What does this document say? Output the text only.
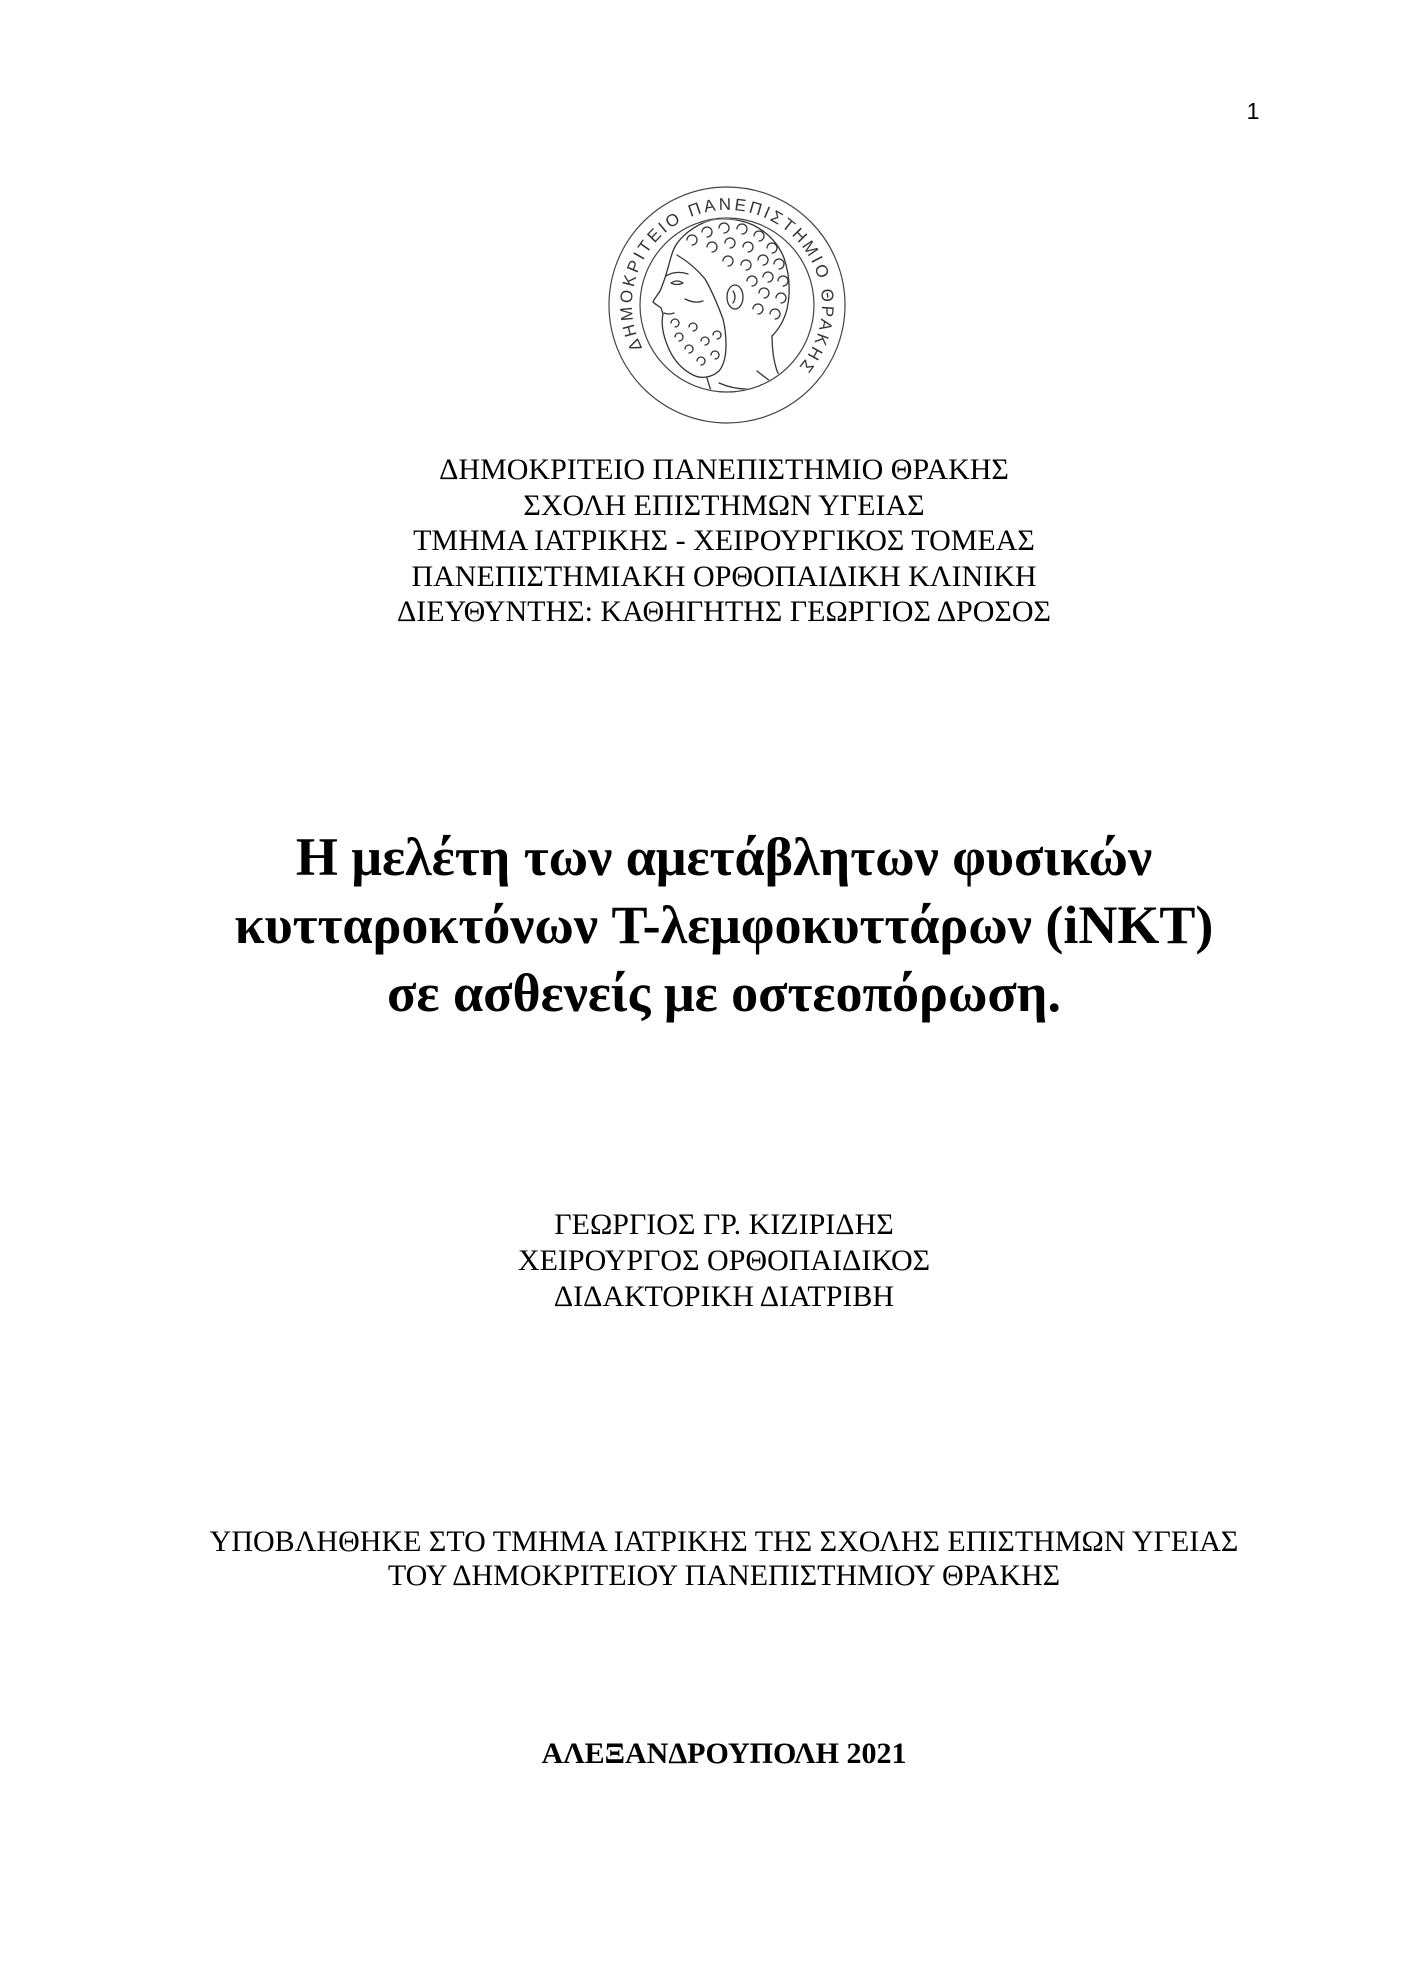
1
ΔΗΜΟΚΡΙΤΕΙΟ ΠΑΝΕΠΙΣΤΗΜΙΟ ΘΡΑΚΗΣ
ΔΗΜΟΚΡΙΤΕΙΟ ΠΑΝΕΠΙΣΤΗΜΙΟ ΘΡΑΚΗΣ
ΣΧΟΛΗ ΕΠΙΣΤΗΜΩΝ ΥΓΕΙΑΣ
ΤΜΗΜΑ ΙΑΤΡΙΚΗΣ - ΧΕΙΡΟΥΡΓΙΚΟΣ ΤΟΜΕΑΣ
ΠΑΝΕΠΙΣΤΗΜΙΑΚΗ ΟΡΘΟΠΑΙΔΙΚΗ ΚΛΙΝΙΚΗ
ΔΙΕΥΘΥΝΤΗΣ: ΚΑΘΗΓΗΤΗΣ ΓΕΩΡΓΙΟΣ ΔΡΟΣΟΣ
Η μελέτη των αμετάβλητων φυσικών
κυτταροκτόνων T-λεμφοκυττάρων (iNKT)
σε ασθενείς με οστεοπόρωση.
ΓΕΩΡΓΙΟΣ ΓΡ. ΚΙΖΙΡΙΔΗΣ
ΧΕΙΡΟΥΡΓΟΣ ΟΡΘΟΠΑΙΔΙΚΟΣ
ΔΙΔΑΚΤΟΡΙΚΗ ΔΙΑΤΡΙΒΗ
ΥΠΟΒΛΗΘΗΚΕ ΣΤΟ ΤΜΗΜΑ ΙΑΤΡΙΚΗΣ ΤΗΣ ΣΧΟΛΗΣ ΕΠΙΣΤΗΜΩΝ ΥΓΕΙΑΣ
ΤΟΥ ΔΗΜΟΚΡΙΤΕΙΟΥ ΠΑΝΕΠΙΣΤΗΜΙΟΥ ΘΡΑΚΗΣ
ΑΛΕΞΑΝΔΡΟΥΠΟΛΗ 2021
